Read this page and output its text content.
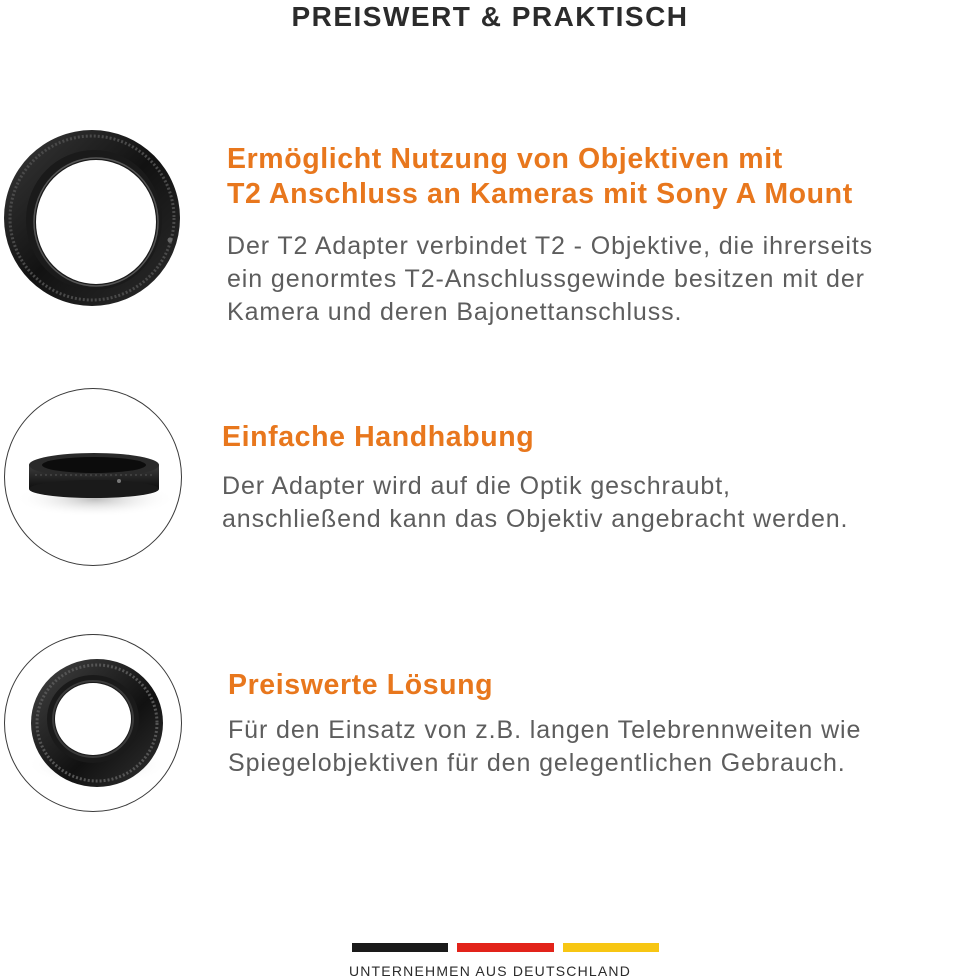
PREISWERT & PRAKTISCH
Ermöglicht Nutzung von Objektiven mit
T2 Anschluss an Kameras mit Sony A Mount

Der T2 Adapter verbindet T2 - Objektive, die ihrerseits
ein genormtes T2-Anschlussgewinde besitzen mit der
Kamera und deren Bajonettanschluss.

Einfache Handhabung

Der Adapter wird auf die Optik geschraubt,
anschließend kann das Objektiv angebracht werden.

Preiswerte Lösung

Für den Einsatz von z.B. langen Telebrennweiten wie
Spiegelobjektiven für den gelegentlichen Gebrauch.

UNTERNEHMEN AUS DEUTSCHLAND
